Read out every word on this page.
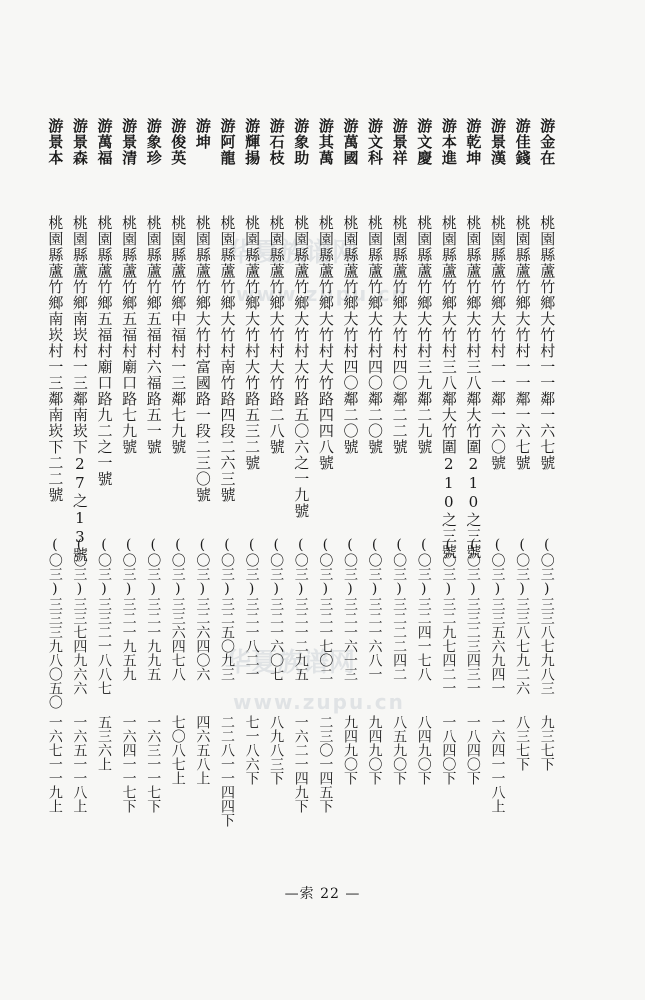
华夏族谱网
www.zupu.cn
华夏族谱网
www.zupu.cn
游金在
桃園縣蘆竹鄉大竹村一一鄰一六七號
(〇三)三三八七九八三
九三七下
游佳錢
桃園縣蘆竹鄉大竹村一一鄰一六七號
(〇三)三三八七九二六
八三七下
游景漢
桃園縣蘆竹鄉大竹村一一鄰一六〇號
(〇三)三三五六九四一
一六四一一八上
游乾坤
桃園縣蘆竹鄉大竹村三八鄰大竹圍210之三號
(〇三)三三二三四三一
一八四〇下
游本進
桃園縣蘆竹鄉大竹村三八鄰大竹圍210之三號
(〇三)三二九七四二一
一八四〇下
游文慶
桃園縣蘆竹鄉大竹村三九鄰二九號
(〇三)三二四一七八
八四九〇下
游景祥
桃園縣蘆竹鄉大竹村四〇鄰二二號
(〇三)三二二二四二
八五九〇下
游文科
桃園縣蘆竹鄉大竹村四〇鄰二〇號
(〇三)三二一六八一
九四九〇下
游萬國
桃園縣蘆竹鄉大竹村四〇鄰二〇號
(〇三)三二一六一三
九四九〇下
游其萬
桃園縣蘆竹鄉大竹村大竹路四四八號
(〇三)三二一七〇二
二三〇一四五下
游象助
桃園縣蘆竹鄉大竹村大竹路五〇六之一九號
(〇三)三二一二九五
一六二一四九下
游石枝
桃園縣蘆竹鄉大竹村大竹路二八號
(〇三)三二一六〇七
八九八三下
游輝揚
桃園縣蘆竹鄉大竹村大竹路五三二號
(〇三)三二一八二一
七一八六下
游阿龍
桃園縣蘆竹鄉大竹村南竹路四段二六三號
(〇三)三二五〇九三
二二八一一四四下
游坤
桃園縣蘆竹鄉大竹村富國路一段二三〇號
(〇三)三二六四〇六
四六五八上
游俊英
桃園縣蘆竹鄉中福村一三鄰七九號
(〇三)三三六四七八
七〇八七上
游象珍
桃園縣蘆竹鄉五福村六福路五一號
(〇三)三二一九九五
一六三一一七下
游景清
桃園縣蘆竹鄉五福村廟口路七九號
(〇三)三二一九五九
一六四一一七下
游萬福
桃園縣蘆竹鄉五福村廟口路九二之一號
(〇三)三三二一八八七
五三六上
游景森
桃園縣蘆竹鄉南崁村一三鄰南崁下27之13號
(〇三)三三七四九六六
一六五一一八上
游景本
桃園縣蘆竹鄉南崁村一三鄰南崁下二二號
(〇三)三三三九八〇五〇
一六七一一九上
—索 22 —
